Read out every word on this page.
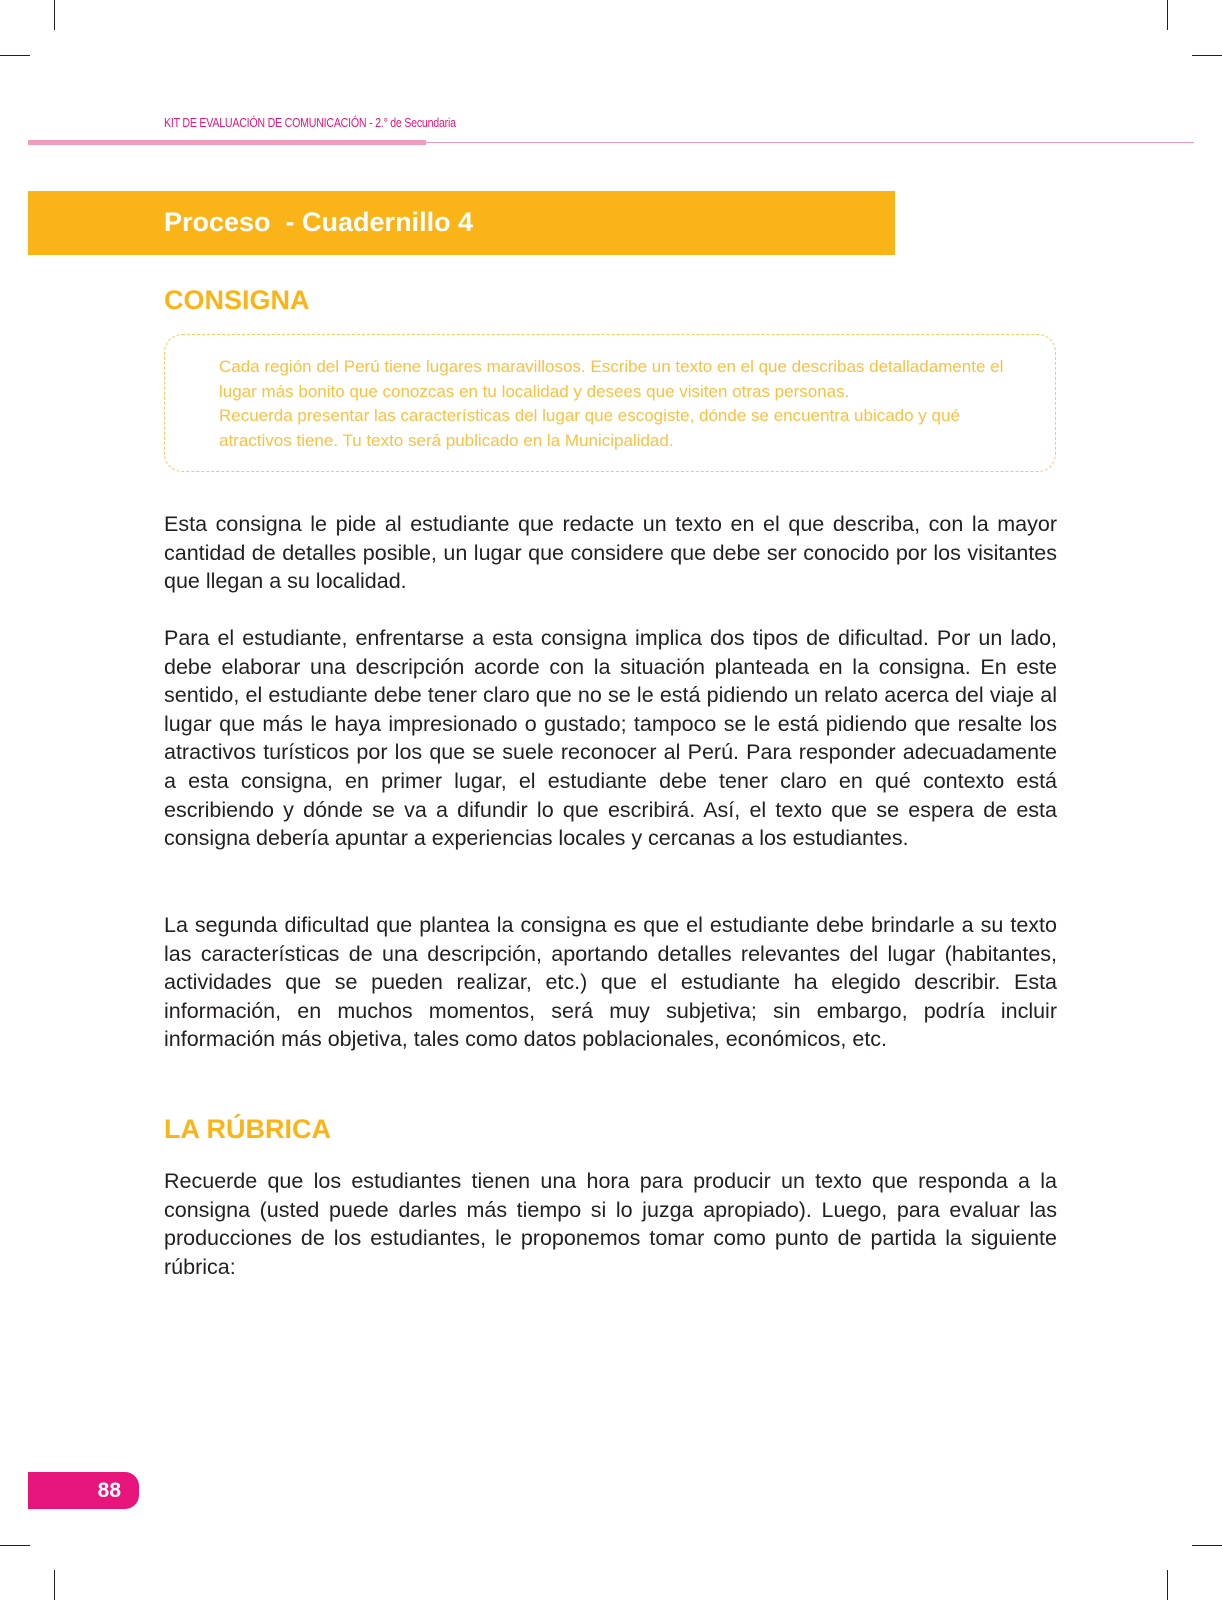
KIT DE EVALUACIÓN DE COMUNICACIÓN - 2.° de Secundaria
Proceso  - Cuadernillo 4
CONSIGNA

Cada región del Perú tiene lugares maravillosos. Escribe un texto en el que describas detalladamente el lugar más bonito que conozcas en tu localidad y desees que visiten otras personas.

Recuerda presentar las características del lugar que escogiste, dónde se encuentra ubicado y qué atractivos tiene. Tu texto será publicado en la Municipalidad.

Esta consigna le pide al estudiante que redacte un texto en el que describa, con la mayor cantidad de detalles posible, un lugar que considere que debe ser conocido por los visitantes que llegan a su localidad.

Para el estudiante, enfrentarse a esta consigna implica dos tipos de dificultad. Por un lado, debe elaborar una descripción acorde con la situación planteada en la consigna. En este sentido, el estudiante debe tener claro que no se le está pidiendo un relato acerca del viaje al lugar que más le haya impresionado o gustado; tampoco se le está pidiendo que resalte los atractivos turísticos por los que se suele reconocer al Perú. Para responder adecuadamente a esta consigna, en primer lugar, el estudiante debe tener claro en qué contexto está escribiendo y dónde se va a difundir lo que escribirá. Así, el texto que se espera de esta consigna debería apuntar a experiencias locales y cercanas a los estudiantes.

La segunda dificultad que plantea la consigna es que el estudiante debe brindarle a su texto las características de una descripción, aportando detalles relevantes del lugar (habitantes, actividades que se pueden realizar, etc.) que el estudiante ha elegido describir. Esta información, en muchos momentos, será muy subjetiva; sin embargo, podría incluir información más objetiva, tales como datos poblacionales, económicos, etc.

LA RÚBRICA

Recuerde que los estudiantes tienen una hora para producir un texto que responda a la consigna (usted puede darles más tiempo si lo juzga apropiado). Luego, para evaluar las producciones de los estudiantes, le proponemos tomar como punto de partida la siguiente rúbrica:

88
